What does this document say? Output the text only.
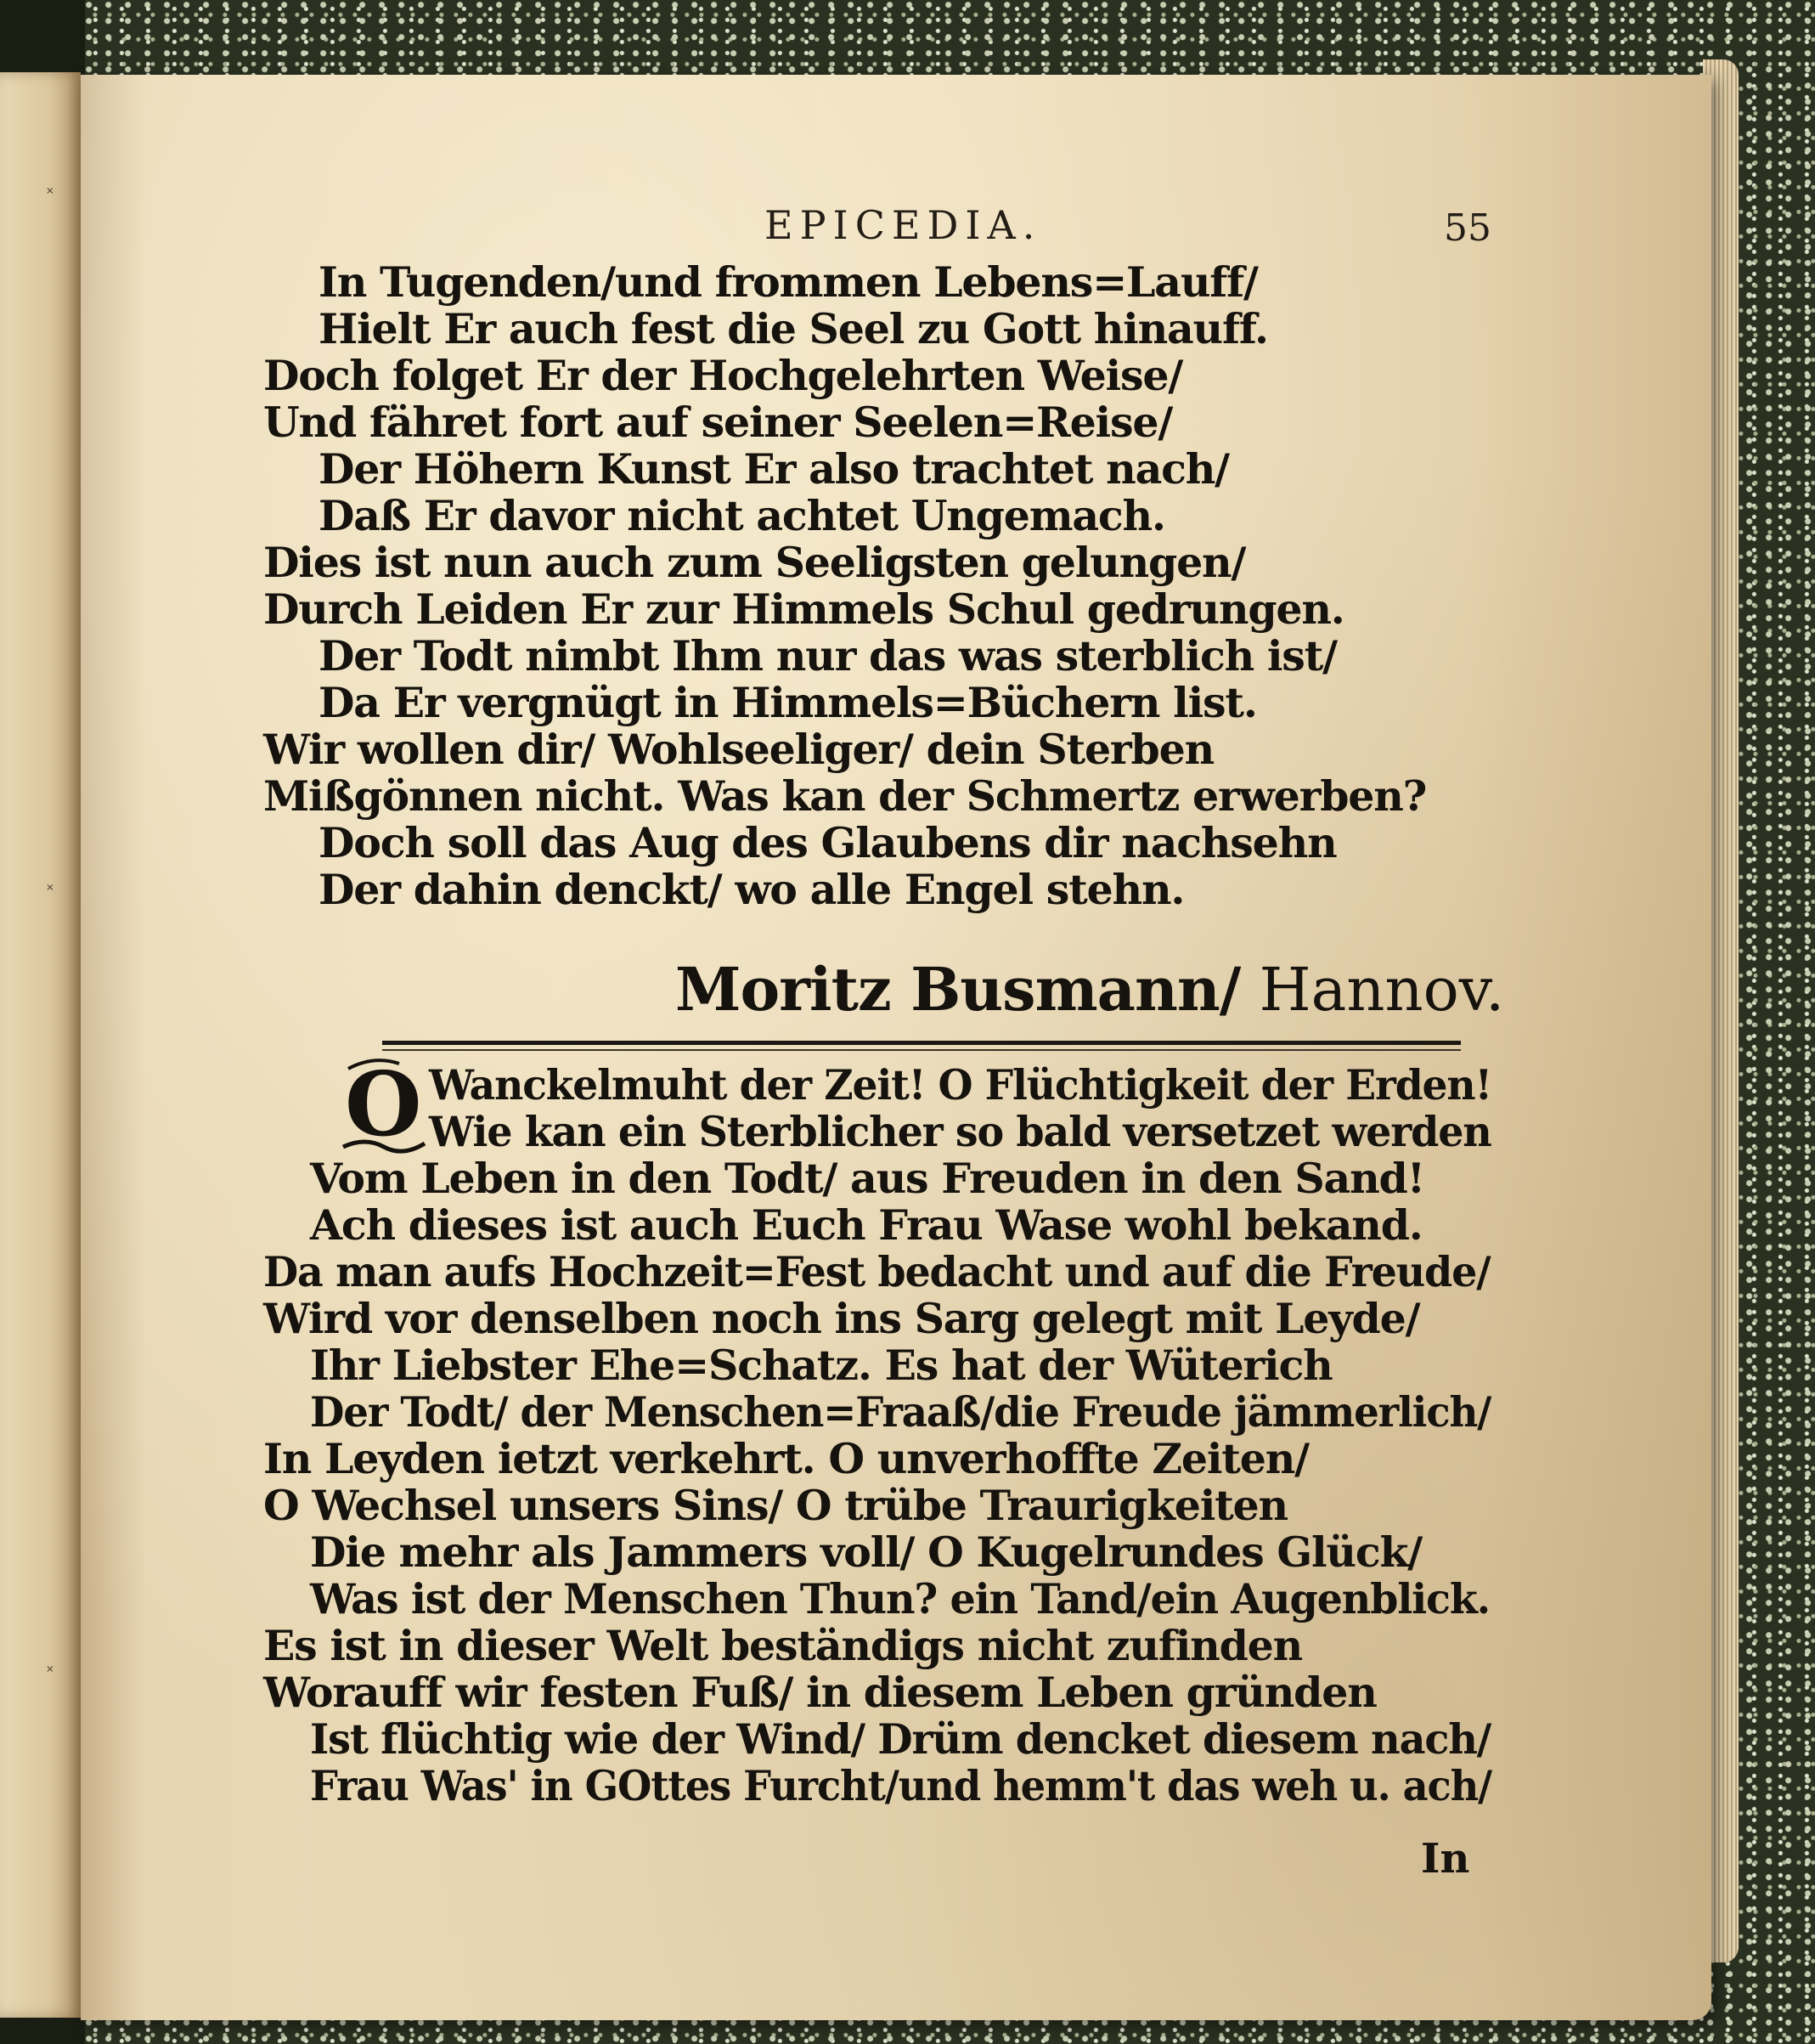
˟
˟
˟
EPICEDIA.	55
In Tugenden/und frommen Lebens=Lauff/
Hielt Er auch fest die Seel zu Gott hinauff.
Doch folget Er der Hochgelehrten Weise/
Und fähret fort auf seiner Seelen=Reise/
Der Höhern Kunst Er also trachtet nach/
Daß Er davor nicht achtet Ungemach.
Dies ist nun auch zum Seeligsten gelungen/
Durch Leiden Er zur Himmels Schul gedrungen.
Der Todt nimbt Ihm nur das was sterblich ist/
Da Er vergnügt in Himmels=Büchern list.
Wir wollen dir/ Wohlseeliger/ dein Sterben
Mißgönnen nicht. Was kan der Schmertz erwerben?
Doch soll das Aug des Glaubens dir nachsehn
Der dahin denckt/ wo alle Engel stehn.
Moritz Busmann/ Hannov.
O Wanckelmuht der Zeit! O Flüchtigkeit der Erden!
Wie kan ein Sterblicher so bald versetzet werden
Vom Leben in den Todt/ aus Freuden in den Sand!
Ach dieses ist auch Euch Frau Wase wohl bekand.
Da man aufs Hochzeit=Fest bedacht und auf die Freude/
Wird vor denselben noch ins Sarg gelegt mit Leyde/
Ihr Liebster Ehe=Schatz. Es hat der Wüterich
Der Todt/ der Menschen=Fraaß/die Freude jämmerlich/
In Leyden ietzt verkehrt. O unverhoffte Zeiten/
O Wechsel unsers Sins/ O trübe Traurigkeiten
Die mehr als Jammers voll/ O Kugelrundes Glück/
Was ist der Menschen Thun? ein Tand/ein Augenblick.
Es ist in dieser Welt beständigs nicht zufinden
Worauff wir festen Fuß/ in diesem Leben gründen
Ist flüchtig wie der Wind/ Drüm dencket diesem nach/
Frau Was' in GOttes Furcht/und hemm't das weh u. ach/
In
